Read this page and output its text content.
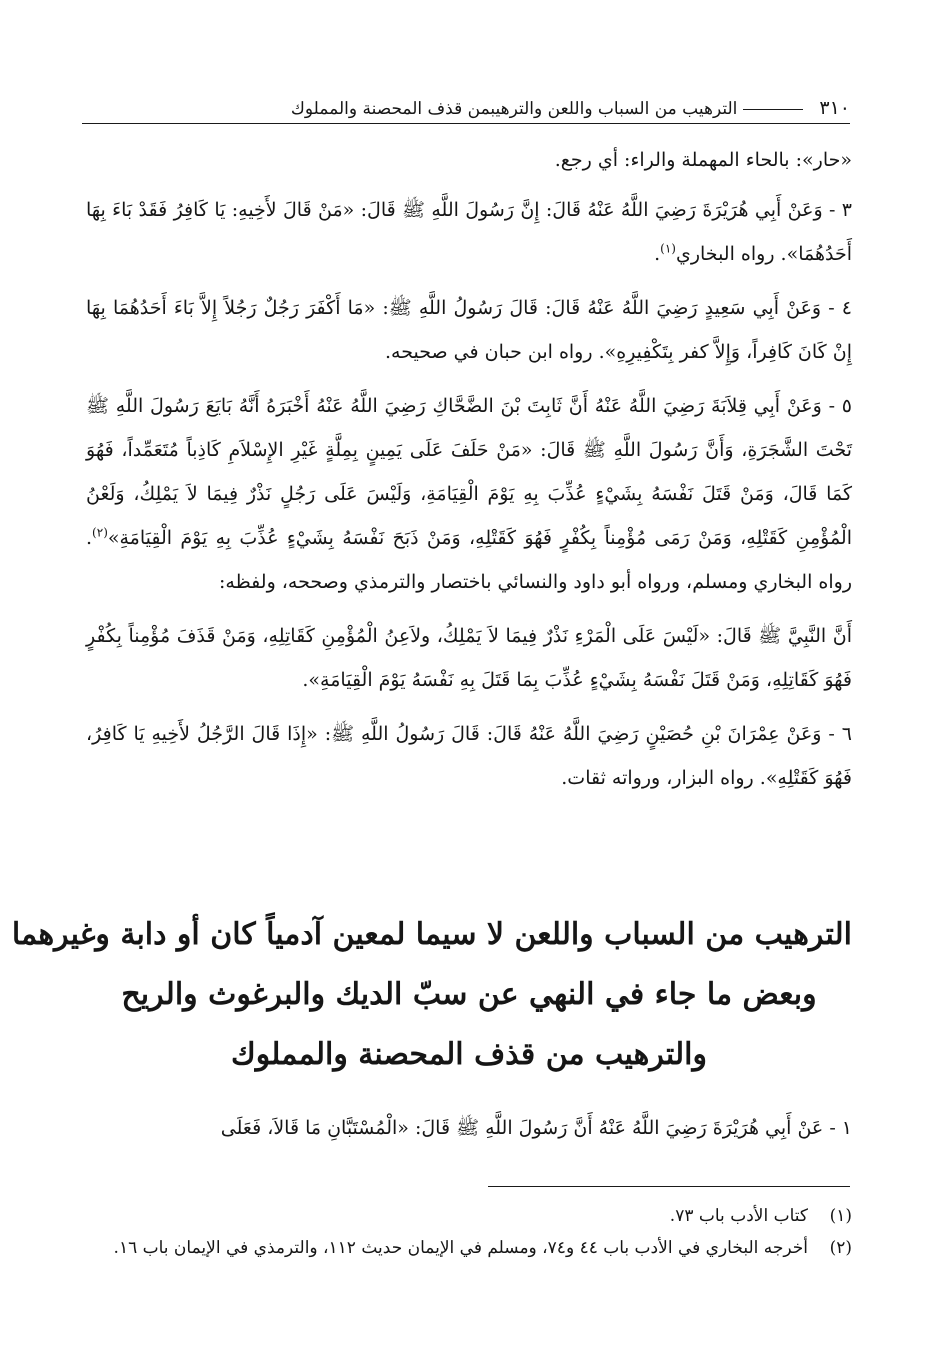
٣١٠
الترهيب من السباب واللعن والترهيبمن قذف المحصنة والمملوك

«حار»: بالحاء المهملة والراء: أي رجع.

٣ - وَعَنْ أَبِي هُرَيْرَةَ رَضِيَ اللَّهُ عَنْهُ قَالَ: إِنَّ رَسُولَ اللَّهِ ﷺ قَالَ: «مَنْ قَالَ لأَخِيهِ: يَا كَافِرُ فَقَدْ بَاءَ بِهَا أَحَدُهُمَا». رواه البخاري$^{(١)}$.

٤ - وَعَنْ أَبِي سَعِيدٍ رَضِيَ اللَّهُ عَنْهُ قَالَ: قَالَ رَسُولُ اللَّهِ ﷺ: «مَا أَكْفَرَ رَجُلٌ رَجُلاً إِلاَّ بَاءَ أَحَدُهُمَا بِهَا إِنْ كَانَ كَافِراً، وَإِلاَّ كفر بِتَكْفِيرِهِ». رواه ابن حبان في صحيحه.

٥ - وَعَنْ أَبِي قِلاَبَةَ رَضِيَ اللَّهُ عَنْهُ أَنَّ ثَابِتَ بْنَ الضَّحَّاكِ رَضِيَ اللَّهُ عَنْهُ أَخْبَرَهُ أَنَّهُ بَايَعَ رَسُولَ اللَّهِ ﷺ تَحْتَ الشَّجَرَةِ، وَأَنَّ رَسُولَ اللَّهِ ﷺ قَالَ: «مَنْ حَلَفَ عَلَى يَمِينٍ بِمِلَّةٍ غَيْرِ الإِسْلاَمِ كَاذِباً مُتَعَمِّداً، فَهُوَ كَمَا قَالَ، وَمَنْ قَتَلَ نَفْسَهُ بِشَيْءٍ عُذِّبَ بِهِ يَوْمَ الْقِيَامَةِ، وَلَيْسَ عَلَى رَجُلٍ نَذْرٌ فِيمَا لاَ يَمْلِكُ، وَلَعْنُ الْمُؤْمِنِ كَقَتْلِهِ، وَمَنْ رَمَى مُؤْمِناً بِكُفْرٍ فَهُوَ كَقَتْلِهِ، وَمَنْ ذَبَحَ نَفْسَهُ بِشَيْءٍ عُذِّبَ بِهِ يَوْمَ الْقِيَامَةِ»$^{(٢)}$. رواه البخاري ومسلم، ورواه أبو داود والنسائي باختصار والترمذي وصححه، ولفظه:

أَنَّ النَّبِيَّ ﷺ قَالَ: «لَيْسَ عَلَى الْمَرْءِ نَذْرٌ فِيمَا لاَ يَمْلِكُ، ولاَعِنُ الْمُؤْمِنِ كَقَاتِلِهِ، وَمَنْ قَذَفَ مُؤْمِناً بِكُفْرٍ فَهُوَ كَقَاتِلِهِ، وَمَنْ قَتَلَ نَفْسَهُ بِشَيْءٍ عُذِّبَ بِمَا قَتَلَ بِهِ نَفْسَهُ يَوْمَ الْقِيَامَةِ».

٦ - وَعَنْ عِمْرَانَ بْنِ حُصَيْنٍ رَضِيَ اللَّهُ عَنْهُ قَالَ: قَالَ رَسُولُ اللَّهِ ﷺ: «إِذَا قَالَ الرَّجُلُ لأَخِيهِ يَا كَافِرُ، فَهُوَ كَقَتْلِهِ». رواه البزار، ورواته ثقات.

الترهيب من السباب واللعن لا سيما لمعين آدمياً كان أو دابة وغيرهما
وبعض ما جاء في النهي عن سبّ الديك والبرغوث والريح
والترهيب من قذف المحصنة والمملوك
١ - عَنْ أَبِي هُرَيْرَةَ رَضِيَ اللَّهُ عَنْهُ أَنَّ رَسُولَ اللَّهِ ﷺ قَالَ: «الْمُسْتَبَّانِ مَا قَالاَ، فَعَلَى
(١)
كتاب الأدب باب ٧٣.
(٢)
أخرجه البخاري في الأدب باب ٤٤ و٧٤، ومسلم في الإيمان حديث ١١٢، والترمذي في الإيمان باب ١٦.
